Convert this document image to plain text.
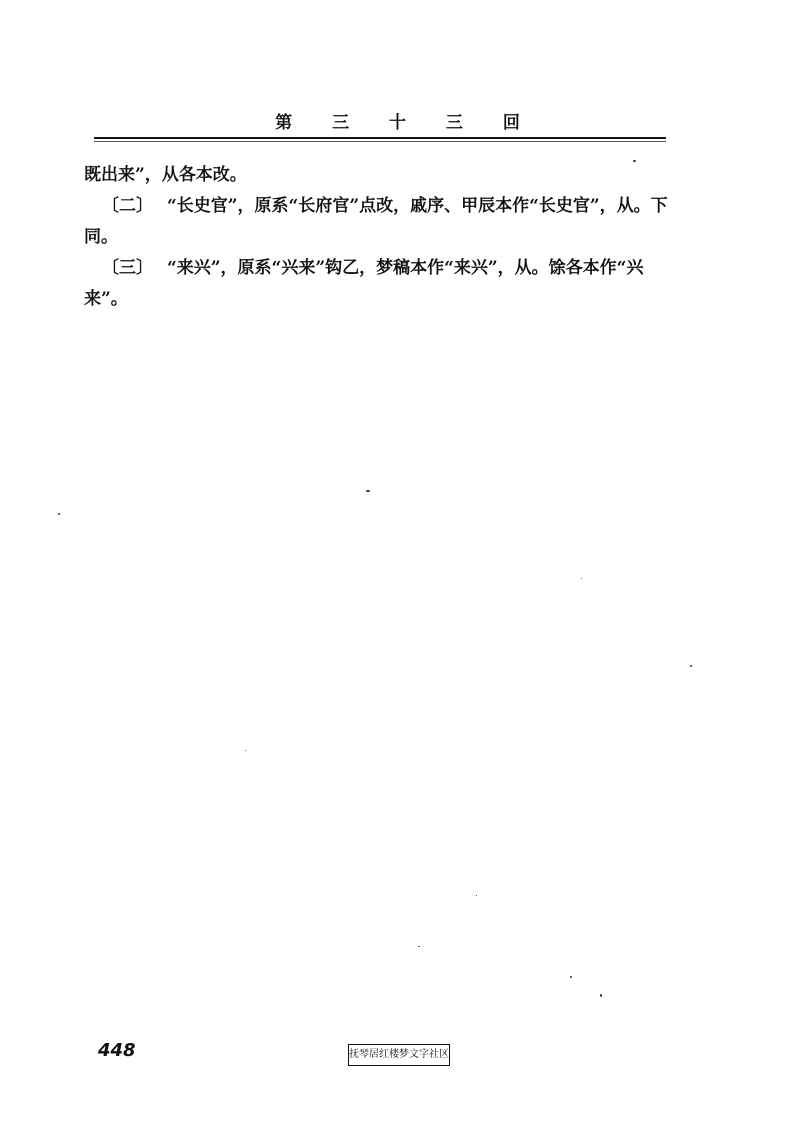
第 三 十 三 回

既出来”，从各本改。

〔二〕 “长史官”，原系“长府官”点改，戚序、甲辰本作“长史官”，从。下同。

〔三〕 “来兴”，原系“兴来”钩乙，梦稿本作“来兴”，从。馀各本作“兴来”。

448	抚琴居红楼梦文字社区
